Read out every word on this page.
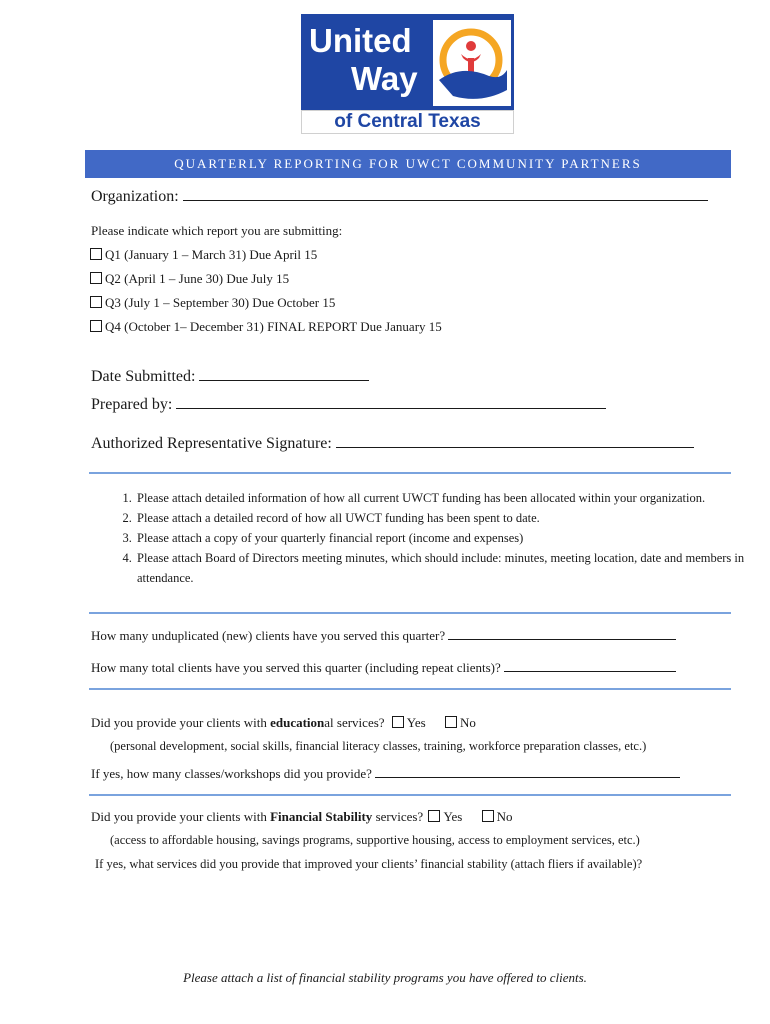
United
Way
of Central Texas
QUARTERLY REPORTING FOR UWCT COMMUNITY PARTNERS
Organization:
Please indicate which report you are submitting:
Q1 (January 1 – March 31) Due April 15
Q2 (April 1 – June 30) Due July 15
Q3 (July 1 – September 30) Due October 15
Q4 (October 1– December 31) FINAL REPORT Due January 15
Date Submitted:
Prepared by:
Authorized Representative Signature:
1. Please attach detailed information of how all current UWCT funding has been allocated within your organization.
2. Please attach a detailed record of how all UWCT funding has been spent to date.
3. Please attach a copy of your quarterly financial report (income and expenses)
4. Please attach Board of Directors meeting minutes, which should include: minutes, meeting location, date and members in attendance.
How many unduplicated (new) clients have you served this quarter?
How many total clients have you served this quarter (including repeat clients)?
Did you provide your clients with educational services? Yes	No
(personal development, social skills, financial literacy classes, training, workforce preparation classes, etc.)
If yes, how many classes/workshops did you provide?
Did you provide your clients with Financial Stability services? Yes	No
(access to affordable housing, savings programs, supportive housing, access to employment services, etc.)
If yes, what services did you provide that improved your clients’ financial stability (attach fliers if available)?
Please attach a list of financial stability programs you have offered to clients.
